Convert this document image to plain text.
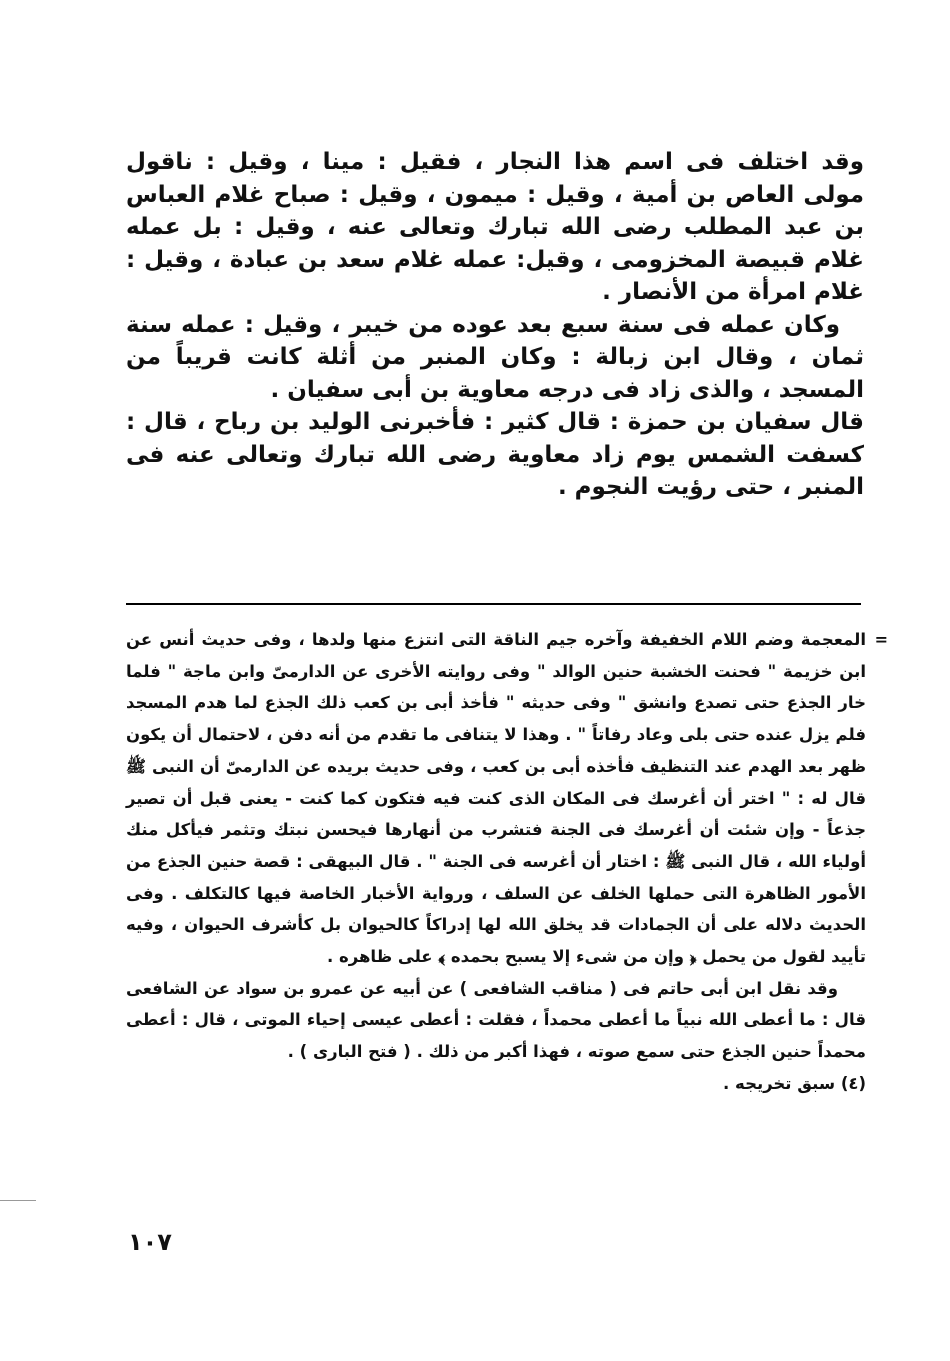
وقد اختلف فى اسم هذا النجار ، فقيل : مينا ، وقيل : ناقول مولى العاص بن أمية ، وقيل : ميمون ، وقيل : صباح غلام العباس بن عبد المطلب رضى الله تبارك وتعالى عنه ، وقيل : بل عمله غلام قبيصة المخزومى ، وقيل: عمله غلام سعد بن عبادة ، وقيل : غلام امرأة من الأنصار .

وكان عمله فى سنة سبع بعد عوده من خيبر ، وقيل : عمله سنة ثمان ، وقال ابن زبالة : وكان المنبر من أثلة كانت قريباً من المسجد ، والذى زاد فى درجه معاوية بن أبى سفيان .

قال سفيان بن حمزة : قال كثير : فأخبرنى الوليد بن رباح ، قال : كسفت الشمس يوم زاد معاوية رضى الله تبارك وتعالى عنه فى المنبر ، حتى رؤيت النجوم .

=

المعجمة وضم اللام الخفيفة وآخره جيم الناقة التى انتزع منها ولدها ، وفى حديث أنس عن ابن خزيمة " فحنت الخشبة حنين الوالد " وفى روايته الأخرى عن الدارمىّ وابن ماجة " فلما خار الجذع حتى تصدع وانشق " وفى حديثه " فأخذ أبى بن كعب ذلك الجذع لما هدم المسجد فلم يزل عنده حتى بلى وعاد رفاتاً " . وهذا لا يتنافى ما تقدم من أنه دفن ، لاحتمال أن يكون ظهر بعد الهدم عند التنظيف فأخذه أبى بن كعب ، وفى حديث بريده عن الدارمىّ أن النبى ﷺ قال له : " اختر أن أغرسك فى المكان الذى كنت فيه فتكون كما كنت - يعنى قبل أن تصير جذعاً - وإن شئت أن أغرسك فى الجنة فتشرب من أنهارها فيحسن نبتك وتثمر فيأكل منك أولياء الله ، قال النبى ﷺ : اختار أن أغرسه فى الجنة " . قال البيهقى : قصة حنين الجذع من الأمور الظاهرة التى حملها الخلف عن السلف ، ورواية الأخبار الخاصة فيها كالتكلف . وفى الحديث دلاله على أن الجمادات قد يخلق الله لها إدراكاً كالحيوان بل كأشرف الحيوان ، وفيه تأييد لقول من يحمل ﴿ وإن من شىء إلا يسبح بحمده ﴾ على ظاهره .

وقد نقل ابن أبى حاتم فى ( مناقب الشافعى ) عن أبيه عن عمرو بن سواد عن الشافعى قال : ما أعطى الله نبياً ما أعطى محمداً ، فقلت : أعطى عيسى إحياء الموتى ، قال : أعطى محمداً حنين الجذع حتى سمع صوته ، فهذا أكبر من ذلك . ( فتح البارى ) .

(٤) سبق تخريجه .

١٠٧
